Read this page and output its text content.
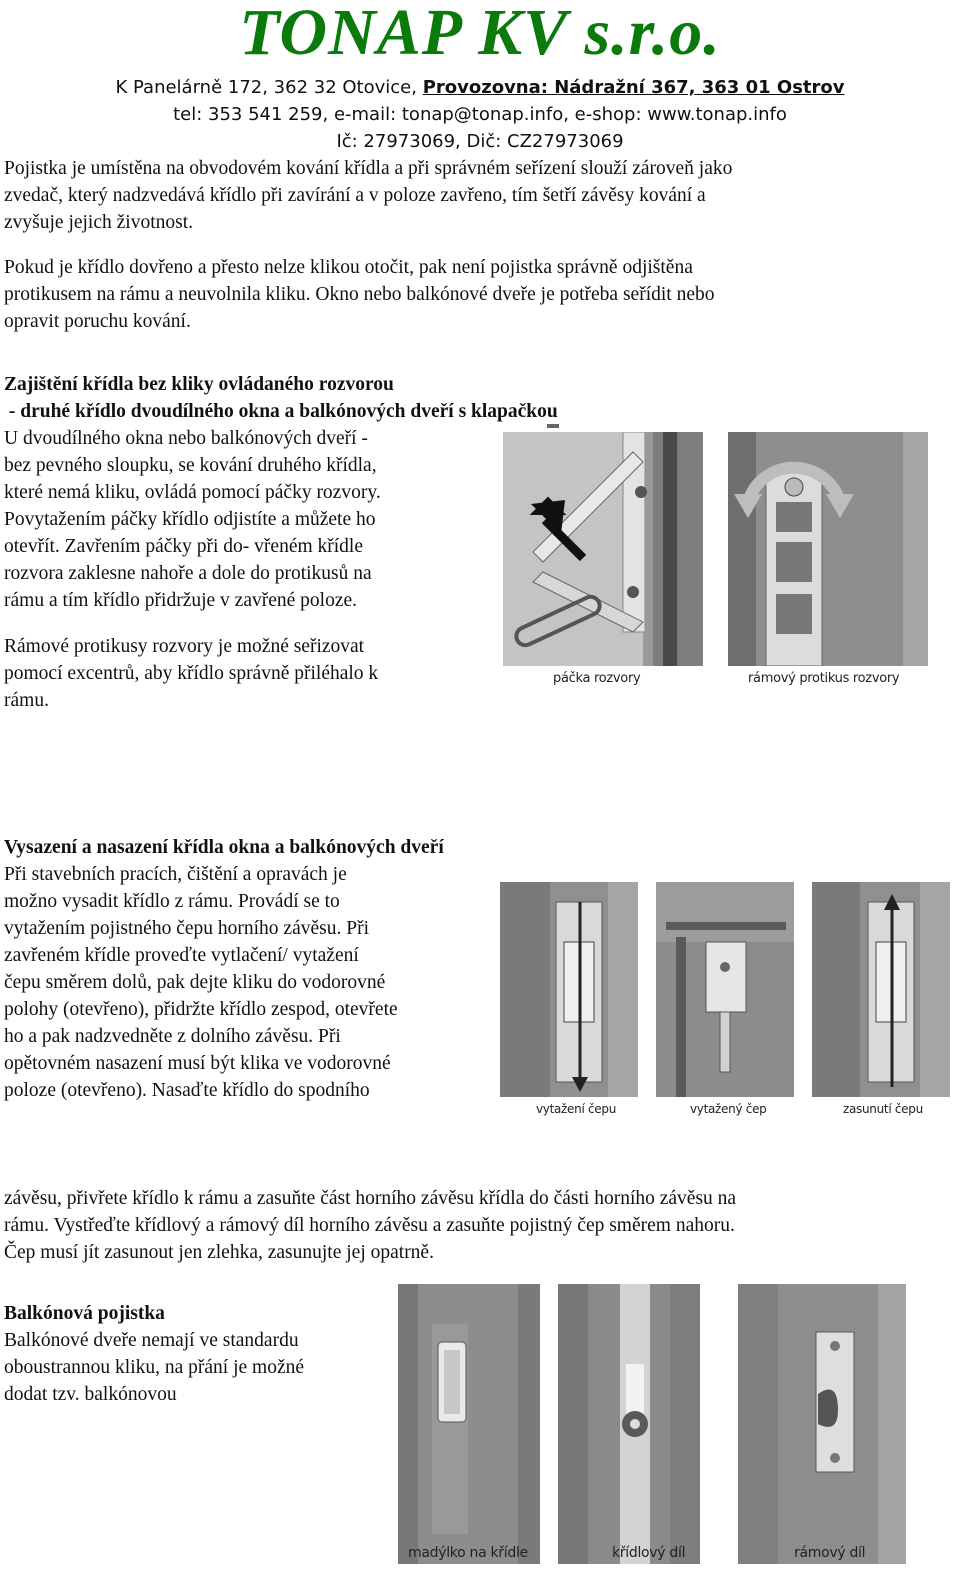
TONAP KV s.r.o.
K Panelárně 172, 362 32 Otovice, Provozovna: Nádražní 367, 363 01 Ostrov
tel: 353 541 259, e-mail: tonap@tonap.info, e-shop: www.tonap.info
Ič: 27973069, Dič: CZ27973069
Pojistka je umístěna na obvodovém kování křídla a při správném seřízení slouží zároveň jako
zvedač, který nadzvedává křídlo při zavírání a v poloze zavřeno, tím šetří závěsy kování a
zvyšuje jejich životnost.
Pokud je křídlo dovřeno a přesto nelze klikou otočit, pak není pojistka správně odjištěna
protikusem na rámu a neuvolnila kliku. Okno nebo balkónové dveře je potřeba seřídit nebo
opravit poruchu kování.
Zajištění křídla bez kliky ovládaného rozvorou
- druhé křídlo dvoudílného okna a balkónových dveří s klapačkou
U dvoudílného okna nebo balkónových dveří -
bez pevného sloupku, se kování druhého křídla,
které nemá kliku, ovládá pomocí páčky rozvory.
Povytažením páčky křídlo odjistíte a můžete ho
otevřít. Zavřením páčky při do- vřeném křídle
rozvora zaklesne nahoře a dole do protikusů na
rámu a tím křídlo přidržuje v zavřené poloze.
Rámové protikusy rozvory je možné seřizovat
pomocí excentrů, aby křídlo správně přiléhalo k
rámu.
páčka rozvory	rámový protikus rozvory
Vysazení a nasazení křídla okna a balkónových dveří
Při stavebních pracích, čištění a opravách je
možno vysadit křídlo z rámu. Provádí se to
vytažením pojistného čepu horního závěsu. Při
zavřeném křídle proveďte vytlačení/ vytažení
čepu směrem dolů, pak dejte kliku do vodorovné
polohy (otevřeno), přidržte křídlo zespod, otevřete
ho a pak nadzvedněte z dolního závěsu. Při
opětovném nasazení musí být klika ve vodorovné
poloze (otevřeno). Nasaďte křídlo do spodního
vytažení čepu	vytažený čep	zasunutí čepu
závěsu, přivřete křídlo k rámu a zasuňte část horního závěsu křídla do části horního závěsu na
rámu. Vystřeďte křídlový a rámový díl horního závěsu a zasuňte pojistný čep směrem nahoru.
Čep musí jít zasunout jen zlehka, zasunujte jej opatrně.
Balkónová pojistka
Balkónové dveře nemají ve standardu
oboustrannou kliku, na přání je možné
dodat tzv. balkónovou
madýlko na křídle	křídlový díl	rámový díl
